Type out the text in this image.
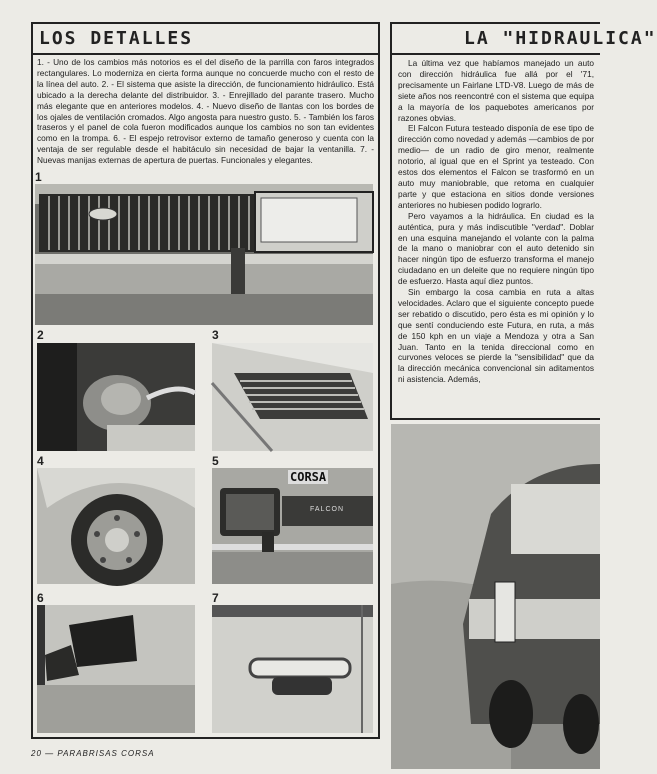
LOS DETALLES

1. - Uno de los cambios más notorios es el del diseño de la parrilla con faros integrados rectangulares. Lo moderniza en cierta forma aunque no concuerde mucho con el resto de la línea del auto. 2. - El sistema que asiste la dirección, de funcionamiento hidráulico. Está ubicado a la derecha delante del distribuidor. 3. - Enrejillado del parante trasero. Mucho más elegante que en anteriores modelos. 4. - Nuevo diseño de llantas con los bordes de los ojales de ventilación cromados. Algo angosta para nuestro gusto. 5. - También los faros traseros y el panel de cola fueron modificados aunque los cambios no son tan evidentes como en la trompa. 6. - El espejo retrovisor externo de tamaño generoso y cuenta con la ventaja de ser regulable desde el habitáculo sin necesidad de bajar la ventanilla. 7. - Nuevas manijas externas de apertura de puertas. Funcionales y elegantes.

1
2	3
4	5
CORSA
FALCON
6	7
LA "HIDRAULICA"

La última vez que habíamos manejado un auto con dirección hidráulica fue allá por el '71, precisamente un Fairlane LTD-V8. Luego de más de siete años nos reencontré con el sistema que equipa a la mayoría de los paquebotes americanos por razones obvias.

El Falcon Futura testeado disponía de ese tipo de dirección como novedad y además —cambios de por medio— de un radio de giro menor, realmente notorio, al igual que en el Sprint ya testeado. Con estos dos elementos el Falcon se trasformó en un auto muy maniobrable, que retoma en cualquier parte y que estaciona en sitios donde versiones anteriores no hubiesen podido lograrlo.

Pero vayamos a la hidráulica. En ciudad es la auténtica, pura y más indiscutible "verdad". Doblar en una esquina manejando el volante con la palma de la mano o maniobrar con el auto detenido sin hacer ningún tipo de esfuerzo transforma el manejo ciudadano en un deleite que no requiere ningún tipo de esfuerzo. Hasta aquí diez puntos.

Sin embargo la cosa cambia en ruta a altas velocidades. Aclaro que el siguiente concepto puede ser rebatido o discutido, pero ésta es mi opinión y lo que sentí conduciendo este Futura, en ruta, a más de 150 kph en un viaje a Mendoza y otra a San Juan. Tanto en la tenida direccional como en curvones veloces se pierde la "sensibilidad" que da la dirección mecánica convencional sin aditamentos ni asistencia. Además,

20 — PARABRISAS CORSA
